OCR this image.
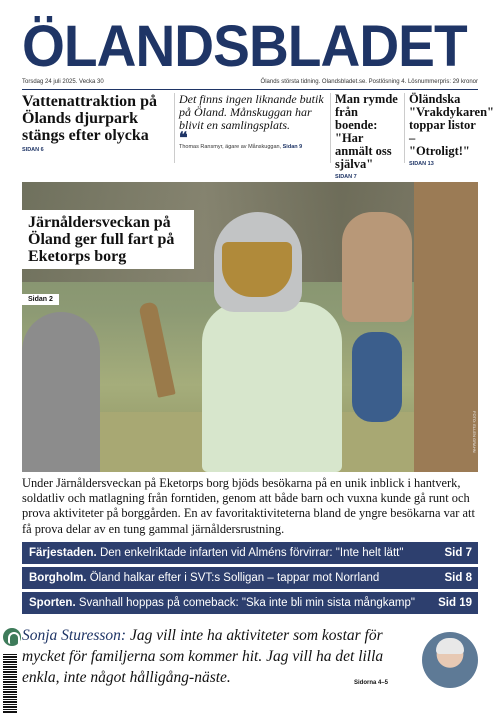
ÖLANDSBLADET
Torsdag 24 juli 2025. Vecka 30	Ölands största tidning. Olandsbladet.se. Postlösning 4. Lösnummerpris: 29 kronor
Vattenattraktion på Ölands djurpark stängs efter olycka
SIDAN 6
Det finns ingen liknande butik på Öland. Månskuggan har blivit en samlingsplats.
❝
Thomas Ransmyr, ägare av Månskuggan, Sidan 9
Man rymde från boende: "Har anmält oss själva"
SIDAN 7
Öländska "Vrakdykaren" toppar listor – "Otroligt!"
SIDAN 13
Järnåldersveckan på Öland ger full fart på Eketorps borg
Sidan 2
FOTO: ELLEN GRAHN
Under Järnåldersveckan på Eketorps borg bjöds besökarna på en unik inblick i hantverk, soldatliv och matlagning från forntiden, genom att både barn och vuxna kunde gå runt och prova aktiviteter på borggården. En av favoritaktiviteterna bland de yngre besökarna var att få prova delar av en tung gammal järnåldersrustning.
Färjestaden. Den enkelriktade infarten vid Alméns förvirrar: "Inte helt lätt"	Sid 7
Borgholm. Öland halkar efter i SVT:s Solligan – tappar mot Norrland	Sid 8
Sporten. Svanhall hoppas på comeback: "Ska inte bli min sista mångkamp" Sid 19
Sonja Sturesson: Jag vill inte ha aktiviteter som kostar för mycket för familjerna som kommer hit. Jag vill ha det lilla enkla, inte något hålligång-näste.	Sidorna 4–5
